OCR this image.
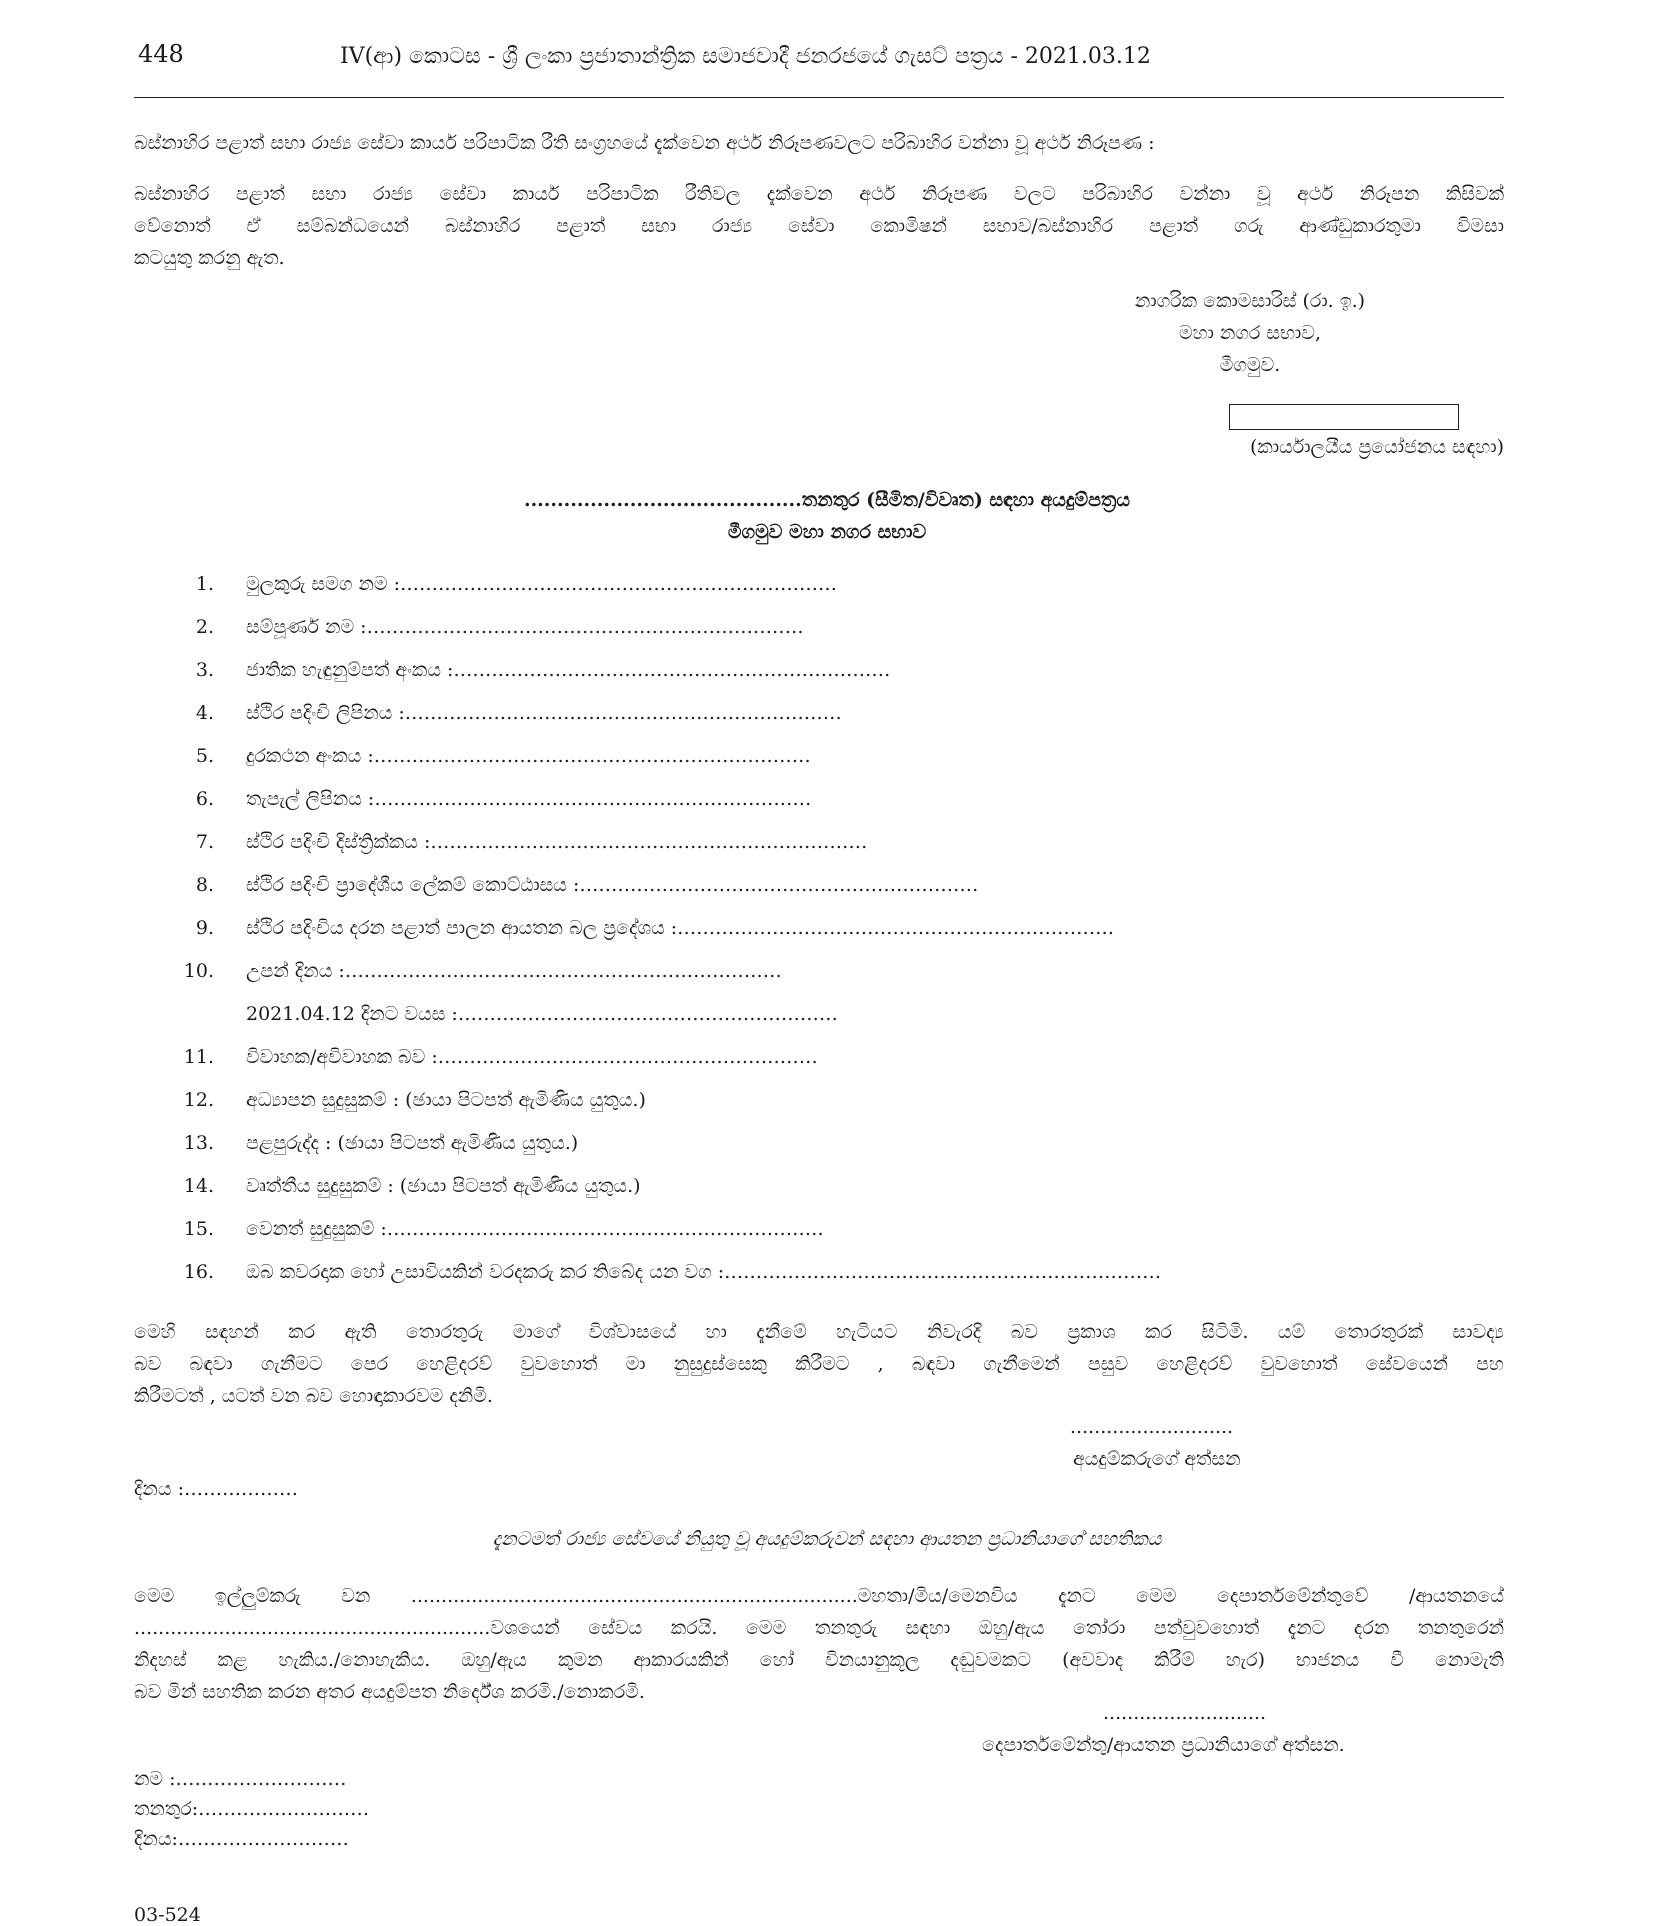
448	IV(ආ) කොටස - ශ්‍රී ලංකා ප්‍රජාතාන්ත්‍රික සමාජවාදී ජනරජයේ ගැසට් පත්‍රය - 2021.03.12

බස්නාහිර පළාත් සභා රාජ්‍ය සේවා කාර්ය පරිපාටික රීති සංග්‍රහයේ දැක්වෙන අර්ථ නිරූපණවලට පරිබාහිර වන්නා වූ අර්ථ නිරූපණ :

බස්නාහිර පළාත් සභා රාජ්‍ය සේවා කාර්ය පරිපාටික රීතිවල දැක්වෙන අර්ථ නිරූපණ වලට පරිබාහිර වන්නා වූ අර්ථ නිරූපන කිසිවක්

වේනොත් ඒ සම්බන්ධයෙන් බස්නාහිර පළාත් සභා රාජ්‍ය සේවා කොමිෂන් සභාව/බස්නාහිර පළාත් ගරු ආණ්ඩුකාරතුමා විමසා

කටයුතු කරනු ඇත.

නාගරික කොමසාරිස් (රා. ඉ.)
මහා නගර සභාව,
මීගමුව.
(කාර්යාලයීය ප්‍රයෝජනය සඳහා)
..........................................තනතුර (සීමිත/විවෘත) සඳහා අයදුම්පත්‍රය
මීගමුව මහා නගර සභාව
1. මුලකුරු සමග නම :……………………………………………………………
2. සම්පූර්ණ නම :……………………………………………………………
3. ජාතික හැඳුනුම්පත් අංකය :……………………………………………………………
4. ස්ථිර පදිංචි ලිපිනය :……………………………………………………………
5. දුරකථන අංකය :……………………………………………………………
6. තැපැල් ලිපිනය :……………………………………………………………
7. ස්ථිර පදිංචි දිස්ත්‍රික්කය :……………………………………………………………
8. ස්ථිර පදිංචි ප්‍රාදේශීය ලේකම් කොට්ඨාසය :………………………………………………………
9. ස්ථිර පදිංචිය දරන පළාත් පාලන ආයතන බල ප්‍රදේශය :……………………………………………………………
10. උපන් දිනය :……………………………………………………………
2021.04.12 දිනට වයස :……………………………………………………
11. විවාහක/අවිවාහක බව :……………………………………………………
12. අධ්‍යාපන සුදුසුකම් : (ඡායා පිටපත් ඇමිණිය යුතුය.)
13. පළපුරුද්ද : (ඡායා පිටපත් ඇමිණිය යුතුය.)
14. වෘත්තීය සුදුසුකම් : (ඡායා පිටපත් ඇමිණිය යුතුය.)
15. වෙනත් සුදුසුකම් :……………………………………………………………
16. ඔබ කවරදාක හෝ උසාවියකින් වරදකරු කර තිබේද යන වග :……………………………………………………………

මෙහි සඳහන් කර ඇති තොරතුරු මාගේ විශ්වාසයේ හා දැනීමේ හැටියට නිවැරදි බව ප්‍රකාශ කර සිටිමි. යම් තොරතුරක් සාවද්‍ය

බව බඳවා ගැනීමට පෙර හෙළිදරව් වුවහොත් මා නුසුදුස්සෙකු කිරීමට , බඳවා ගැනීමෙන් පසුව හෙළිදරව් වුවහොත් සේවයෙන් පහ

කිරීමටත් , යටත් වන බව හොඳාකාරවම දනිමි.

...........................
අයදුම්කරුගේ අත්සන
දිනය :………………
දැනටමත් රාජ්‍ය සේවයේ නියුතු වූ අයදුම්කරුවන් සඳහා ආයතන ප්‍රධානියාගේ සහතිකය

මෙම ඉල්ලුම්කරු වන ..........................................................................මහතා/මිය/මෙනවිය දැනට මෙම දෙපාර්තමේන්තුවේ /ආයතනයේ

...........................................................වශයෙන් සේවය කරයි. මෙම තනතුරු සඳහා ඔහු/ඇය තෝරා පත්වුවහොත් දැනට දරන තනතුරෙන්

නිදහස් කළ හැකිය./නොහැකිය. ඔහු/ඇය කුමන ආකාරයකින් හෝ විනයානුකූල දඬුවමකට (අවවාද කිරීම් හැර) භාජනය වී නොමැති

බව මින් සහතික කරන අතර අයදුම්පත නිර්දේශ කරමි./නොකරමි.

...........................
දෙපාර්තමේන්තු/ආයතන ප්‍රධානියාගේ අත්සන.
නම :………………………
තනතුර:………………………
දිනය:………………………
03-524
